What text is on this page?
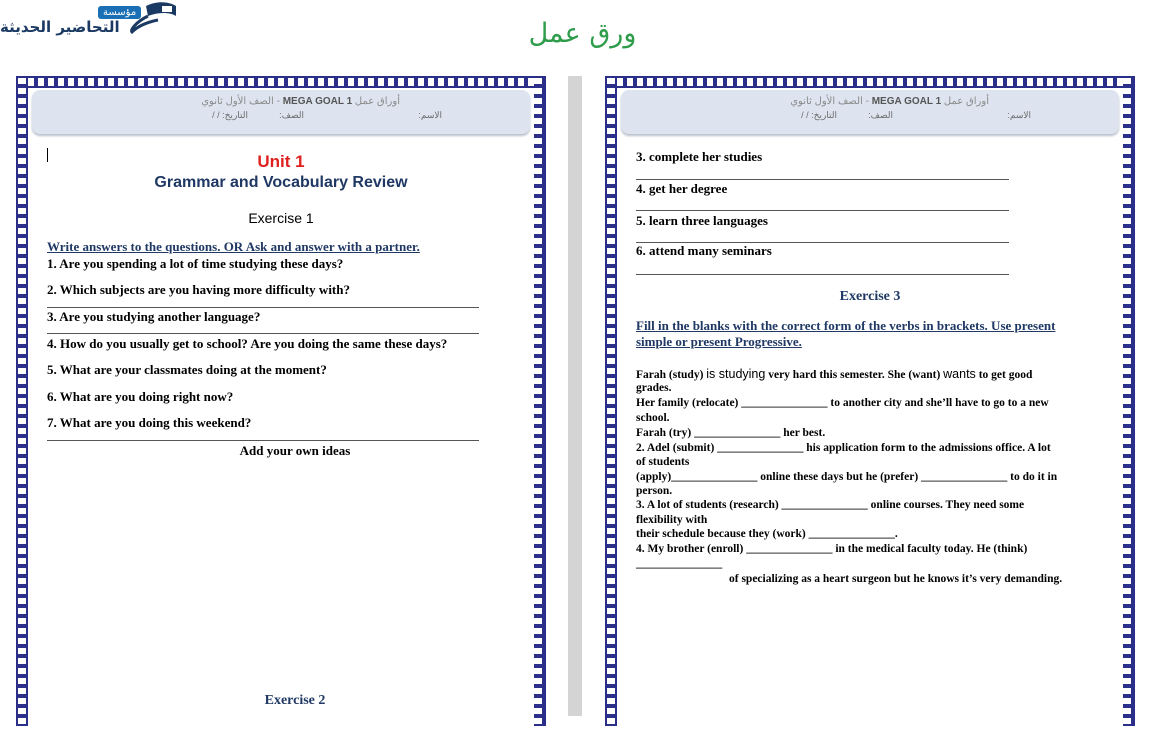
مؤسسة
التحاضير الحديثة	ورق عمل
أوراق عمل MEGA GOAL 1 - الصف الأول ثانوي
الاسم:
الصف:
التاريخ: / /
Unit 1
Grammar and Vocabulary Review
Exercise 1
Write answers to the questions. OR Ask and answer with a partner.
1. Are you spending a lot of time studying these days?
2. Which subjects are you having more difficulty with?
3. Are you studying another language?
4. How do you usually get to school? Are you doing the same these days?
5. What are your classmates doing at the moment?
6. What are you doing right now?
7. What are you doing this weekend?
Add your own ideas
Exercise 2
أوراق عمل MEGA GOAL 1 - الصف الأول ثانوي
الاسم:
الصف:
التاريخ: / /
3. complete her studies
4. get her degree
5. learn three languages
6. attend many seminars
Exercise 3
Fill in the blanks with the correct form of the verbs in brackets. Use present
simple or present Progressive.
Farah (study) is studying very hard this semester. She (want) wants to get good
grades.
Her family (relocate) _______________ to another city and she’ll have to go to a new
school.
Farah (try) _______________ her best.
2. Adel (submit) _______________ his application form to the admissions office. A lot
of students
(apply)_______________ online these days but he (prefer) _______________ to do it in
person.
3. A lot of students (research) _______________ online courses. They need some
flexibility with
their schedule because they (work) _______________.
4. My brother (enroll) _______________ in the medical faculty today. He (think)
_______________
of specializing as a heart surgeon but he knows it’s very demanding.
